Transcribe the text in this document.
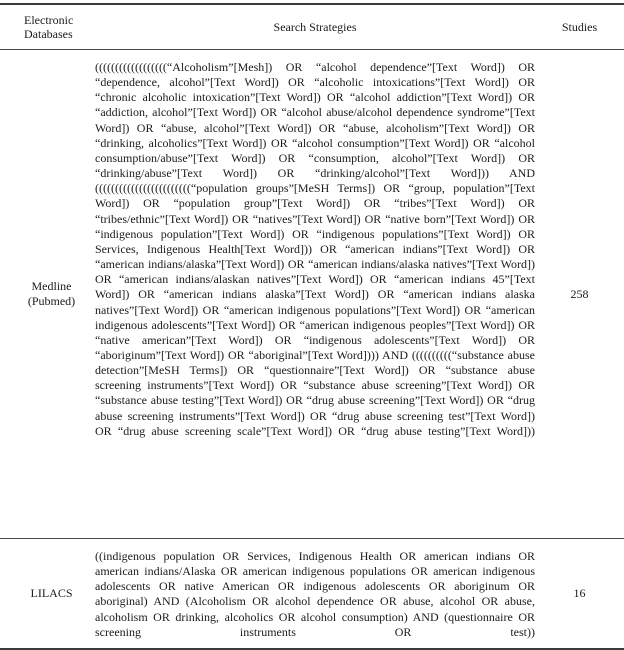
Electronic Databases
Search Strategies	Studies
Medline (Pubmed)
((((((((((((((((((“Alcoholism”[Mesh]) OR “alcohol dependence”[Text Word]) OR “dependence, alcohol”[Text Word]) OR “alcoholic intoxications”[Text Word]) OR “chronic alcoholic intoxication”[Text Word]) OR “alcohol addiction”[Text Word]) OR “addiction, alcohol”[Text Word]) OR “alcohol abuse/alcohol dependence syndrome”[Text Word]) OR “abuse, alcohol”[Text Word]) OR “abuse, alcoholism”[Text Word]) OR “drinking, alcoholics”[Text Word]) OR “alcohol consumption”[Text Word]) OR “alcohol consumption/abuse”[Text Word]) OR “consumption, alcohol”[Text Word]) OR “drinking/abuse”[Text Word]) OR “drinking/alcohol”[Text Word])) AND ((((((((((((((((((((((((“population groups”[MeSH Terms]) OR “group, population”[Text Word]) OR “population group”[Text Word]) OR “tribes”[Text Word]) OR “tribes/ethnic”[Text Word]) OR “natives”[Text Word]) OR “native born”[Text Word]) OR “indigenous population”[Text Word]) OR “indigenous populations”[Text Word]) OR Services, Indigenous Health[Text Word])) OR “american indians”[Text Word]) OR “american indians/alaska”[Text Word]) OR “american indians/alaska natives”[Text Word]) OR “american indians/alaskan natives”[Text Word]) OR “american indians 45”[Text Word]) OR “american indians alaska”[Text Word]) OR “american indians alaska natives”[Text Word]) OR “american indigenous populations”[Text Word]) OR “american indigenous adolescents”[Text Word]) OR “american indigenous peoples”[Text Word]) OR “native american”[Text Word]) OR “indigenous adolescents”[Text Word]) OR “aboriginum”[Text Word]) OR “aboriginal”[Text Word]))) AND ((((((((((“substance abuse detection”[MeSH Terms]) OR “questionnaire”[Text Word]) OR “substance abuse screening instruments”[Text Word]) OR “substance abuse screening”[Text Word]) OR “substance abuse testing”[Text Word]) OR “drug abuse screening”[Text Word]) OR “drug abuse screening instruments”[Text Word]) OR “drug abuse screening test”[Text Word]) OR “drug abuse screening scale”[Text Word]) OR “drug abuse testing”[Text Word]))
258
LILACS
((indigenous population OR Services, Indigenous Health OR american indians OR american indians/Alaska OR american indigenous populations OR american indigenous adolescents OR native American OR indigenous adolescents OR aboriginum OR aboriginal) AND (Alcoholism OR alcohol dependence OR abuse, alcohol OR abuse, alcoholism OR drinking, alcoholics OR alcohol consumption) AND (questionnaire OR screening instruments OR test))
16
